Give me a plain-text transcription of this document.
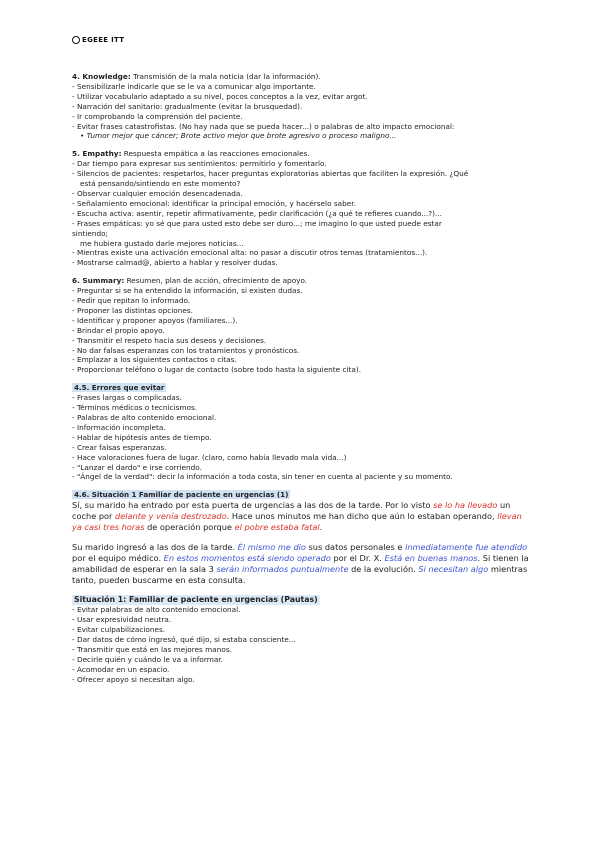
EGEEE ITT
4. Knowledge: Transmisión de la mala noticia (dar la información).
- Sensibilizarle indicarle que se le va a comunicar algo importante.
- Utilizar vocabulario adaptado a su nivel, pocos conceptos a la vez, evitar argot.
- Narración del sanitario: gradualmente (evitar la brusquedad).
- Ir comprobando la comprensión del paciente.
- Evitar frases catastrofistas. (No hay nada que se pueda hacer...) o palabras de alto impacto emocional:
• Tumor mejor que cáncer; Brote activo mejor que brote agresivo o proceso maligno...
5. Empathy: Respuesta empática a las reacciones emocionales.
- Dar tiempo para expresar sus sentimientos: permitirlo y fomentarlo.
- Silencios de pacientes: respetarlos, hacer preguntas exploratorias abiertas que faciliten la expresión. ¿Qué
está pensando/sintiendo en este momento?
- Observar cualquier emoción desencadenada.
- Señalamiento emocional: identificar la principal emoción, y hacérselo saber.
- Escucha activa: asentir, repetir afirmativamente, pedir clarificación (¿a qué te refieres cuando...?)...
- Frases empáticas: yo sé que para usted esto debe ser duro...; me imagino lo que usted puede estar
sintiendo;
me hubiera gustado darle mejores noticias...
- Mientras existe una activación emocional alta: no pasar a discutir otros temas (tratamientos...).
- Mostrarse calmad@, abierto a hablar y resolver dudas.
6. Summary: Resumen, plan de acción, ofrecimiento de apoyo.
- Preguntar si se ha entendido la información, si existen dudas.
- Pedir que repitan lo informado.
- Proponer las distintas opciones.
- Identificar y proponer apoyos (familiares...).
- Brindar el propio apoyo.
- Transmitir el respeto hacia sus deseos y decisiones.
- No dar falsas esperanzas con los tratamientos y pronósticos.
- Emplazar a los siguientes contactos o citas.
- Proporcionar teléfono o lugar de contacto (sobre todo hasta la siguiente cita).
4.5. Errores que evitar
- Frases largas o complicadas.
- Términos médicos o tecnicismos.
- Palabras de alto contenido emocional.
- Información incompleta.
- Hablar de hipótesis antes de tiempo.
- Crear falsas esperanzas.
- Hace valoraciones fuera de lugar. (claro, como había llevado mala vida...)
- "Lanzar el dardo" e irse corriendo.
- "Ángel de la verdad": decir la información a toda costa, sin tener en cuenta al paciente y su momento.
4.6. Situación 1 Familiar de paciente en urgencias (1)
Sí, su marido ha entrado por esta puerta de urgencias a las dos de la tarde. Por lo visto se lo ha llevado un coche por delante y venía destrozado. Hace unos minutos me han dicho que aún lo estaban operando, llevan ya casi tres horas de operación porque el pobre estaba fatal.
Su marido ingresó a las dos de la tarde. Él mismo me dio sus datos personales e inmediatamente fue atendido por el equipo médico. En estos momentos está siendo operado por el Dr. X. Está en buenas manos. Si tienen la amabilidad de esperar en la sala 3 serán informados puntualmente de la evolución. Si necesitan algo mientras tanto, pueden buscarme en esta consulta.
Situación 1: Familiar de paciente en urgencias (Pautas)
- Evitar palabras de alto contenido emocional.
- Usar expresividad neutra.
- Evitar culpabilizaciones.
- Dar datos de cómo ingresó, qué dijo, si estaba consciente...
- Transmitir que está en las mejores manos.
- Decirle quién y cuándo le va a informar.
- Acomodar en un espacio.
- Ofrecer apoyo si necesitan algo.
